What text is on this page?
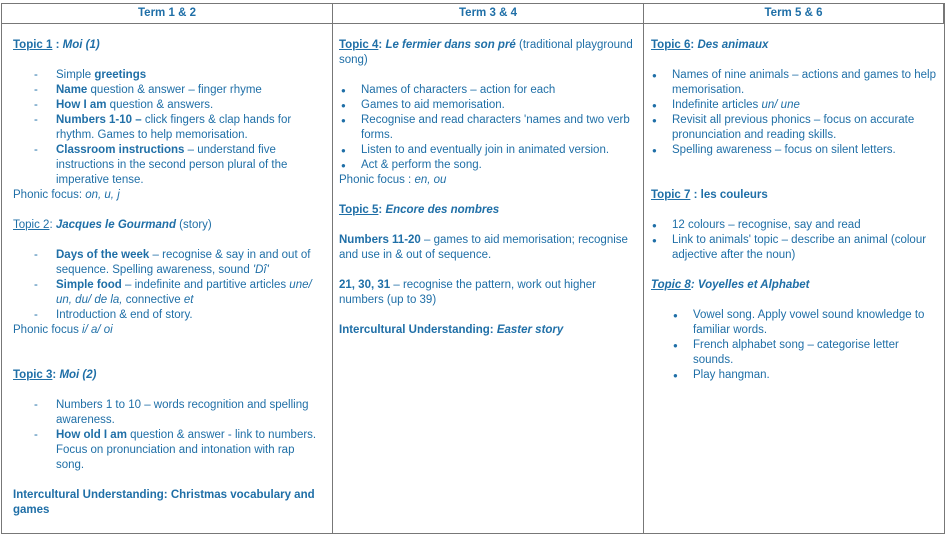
Term 1 & 2	Term 3 & 4	Term 5 & 6
Topic 1 : Moi (1)
- Simple greetings
- Name question & answer – finger rhyme
- How I am question & answers.
- Numbers 1-10 – click fingers & clap hands for rhythm. Games to help memorisation.
- Classroom instructions – understand five instructions in the second person plural of the imperative tense.
Phonic focus: on, u, j
Topic 2: Jacques le Gourmand (story)
- Days of the week – recognise & say in and out of sequence. Spelling awareness, sound 'Dî'
- Simple food – indefinite and partitive articles une/ un, du/ de la, connective et
- Introduction & end of story.
Phonic focus i/ a/ oi
Topic 3: Moi (2)
- Numbers 1 to 10 – words recognition and spelling awareness.
- How old I am question & answer - link to numbers. Focus on pronunciation and intonation with rap song.
Intercultural Understanding: Christmas vocabulary and games
Topic 4: Le fermier dans son pré (traditional playground song)
● Names of characters – action for each
● Games to aid memorisation.
● Recognise and read characters 'names and two verb forms.
● Listen to and eventually join in animated version.
● Act & perform the song.
Phonic focus : en, ou
Topic 5: Encore des nombres
Numbers 11-20 – games to aid memorisation; recognise and use in & out of sequence.
21, 30, 31 – recognise the pattern, work out higher numbers (up to 39)
Intercultural Understanding: Easter story
Topic 6: Des animaux
● Names of nine animals – actions and games to help memorisation.
● Indefinite articles un/ une
● Revisit all previous phonics – focus on accurate pronunciation and reading skills.
● Spelling awareness – focus on silent letters.
Topic 7 : les couleurs
● 12 colours – recognise, say and read
● Link to animals' topic – describe an animal (colour adjective after the noun)
Topic 8: Voyelles et Alphabet
● Vowel song. Apply vowel sound knowledge to familiar words.
● French alphabet song – categorise letter sounds.
● Play hangman.
